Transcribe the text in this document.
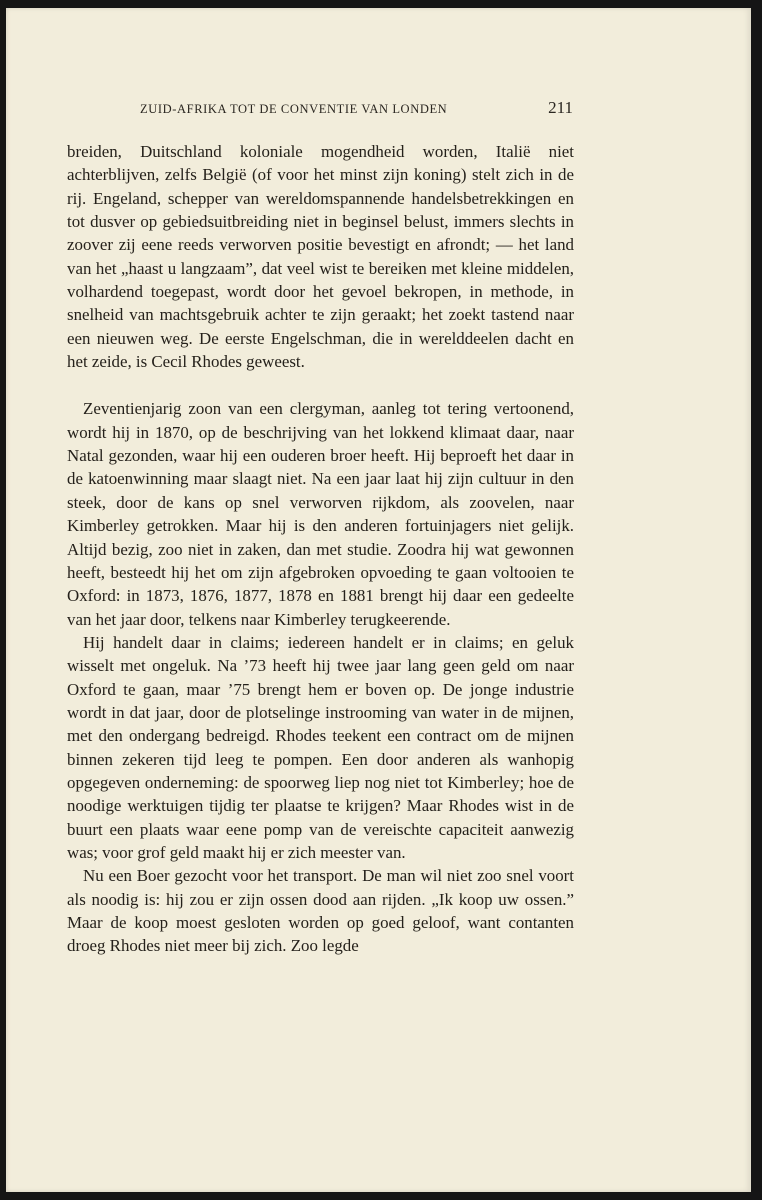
ZUID-AFRIKA TOT DE CONVENTIE VAN LONDEN	211

breiden, Duitschland koloniale mogendheid worden, Italië niet achterblijven, zelfs België (of voor het minst zijn koning) stelt zich in de rij. Engeland, schepper van wereldomspannende handelsbetrekkingen en tot dusver op gebiedsuitbreiding niet in beginsel belust, immers slechts in zoover zij eene reeds verworven positie bevestigt en afrondt; — het land van het „haast u langzaam”, dat veel wist te bereiken met kleine middelen, volhardend toegepast, wordt door het gevoel bekropen, in methode, in snelheid van machtsgebruik achter te zijn geraakt; het zoekt tastend naar een nieuwen weg. De eerste Engelschman, die in werelddeelen dacht en het zeide, is Cecil Rhodes geweest.

Zeventienjarig zoon van een clergyman, aanleg tot tering vertoonend, wordt hij in 1870, op de beschrijving van het lokkend klimaat daar, naar Natal gezonden, waar hij een ouderen broer heeft. Hij beproeft het daar in de katoenwinning maar slaagt niet. Na een jaar laat hij zijn cultuur in den steek, door de kans op snel verworven rijkdom, als zoovelen, naar Kimberley getrokken. Maar hij is den anderen fortuinjagers niet gelijk. Altijd bezig, zoo niet in zaken, dan met studie. Zoodra hij wat gewonnen heeft, besteedt hij het om zijn afgebroken opvoeding te gaan voltooien te Oxford: in 1873, 1876, 1877, 1878 en 1881 brengt hij daar een gedeelte van het jaar door, telkens naar Kimberley terugkeerende.

Hij handelt daar in claims; iedereen handelt er in claims; en geluk wisselt met ongeluk. Na ’73 heeft hij twee jaar lang geen geld om naar Oxford te gaan, maar ’75 brengt hem er boven op. De jonge industrie wordt in dat jaar, door de plotselinge instrooming van water in de mijnen, met den ondergang bedreigd. Rhodes teekent een contract om de mijnen binnen zekeren tijd leeg te pompen. Een door anderen als wanhopig opgegeven onderneming: de spoorweg liep nog niet tot Kimberley; hoe de noodige werktuigen tijdig ter plaatse te krijgen? Maar Rhodes wist in de buurt een plaats waar eene pomp van de vereischte capaciteit aanwezig was; voor grof geld maakt hij er zich meester van.

Nu een Boer gezocht voor het transport. De man wil niet zoo snel voort als noodig is: hij zou er zijn ossen dood aan rijden. „Ik koop uw ossen.” Maar de koop moest gesloten worden op goed geloof, want contanten droeg Rhodes niet meer bij zich. Zoo legde
